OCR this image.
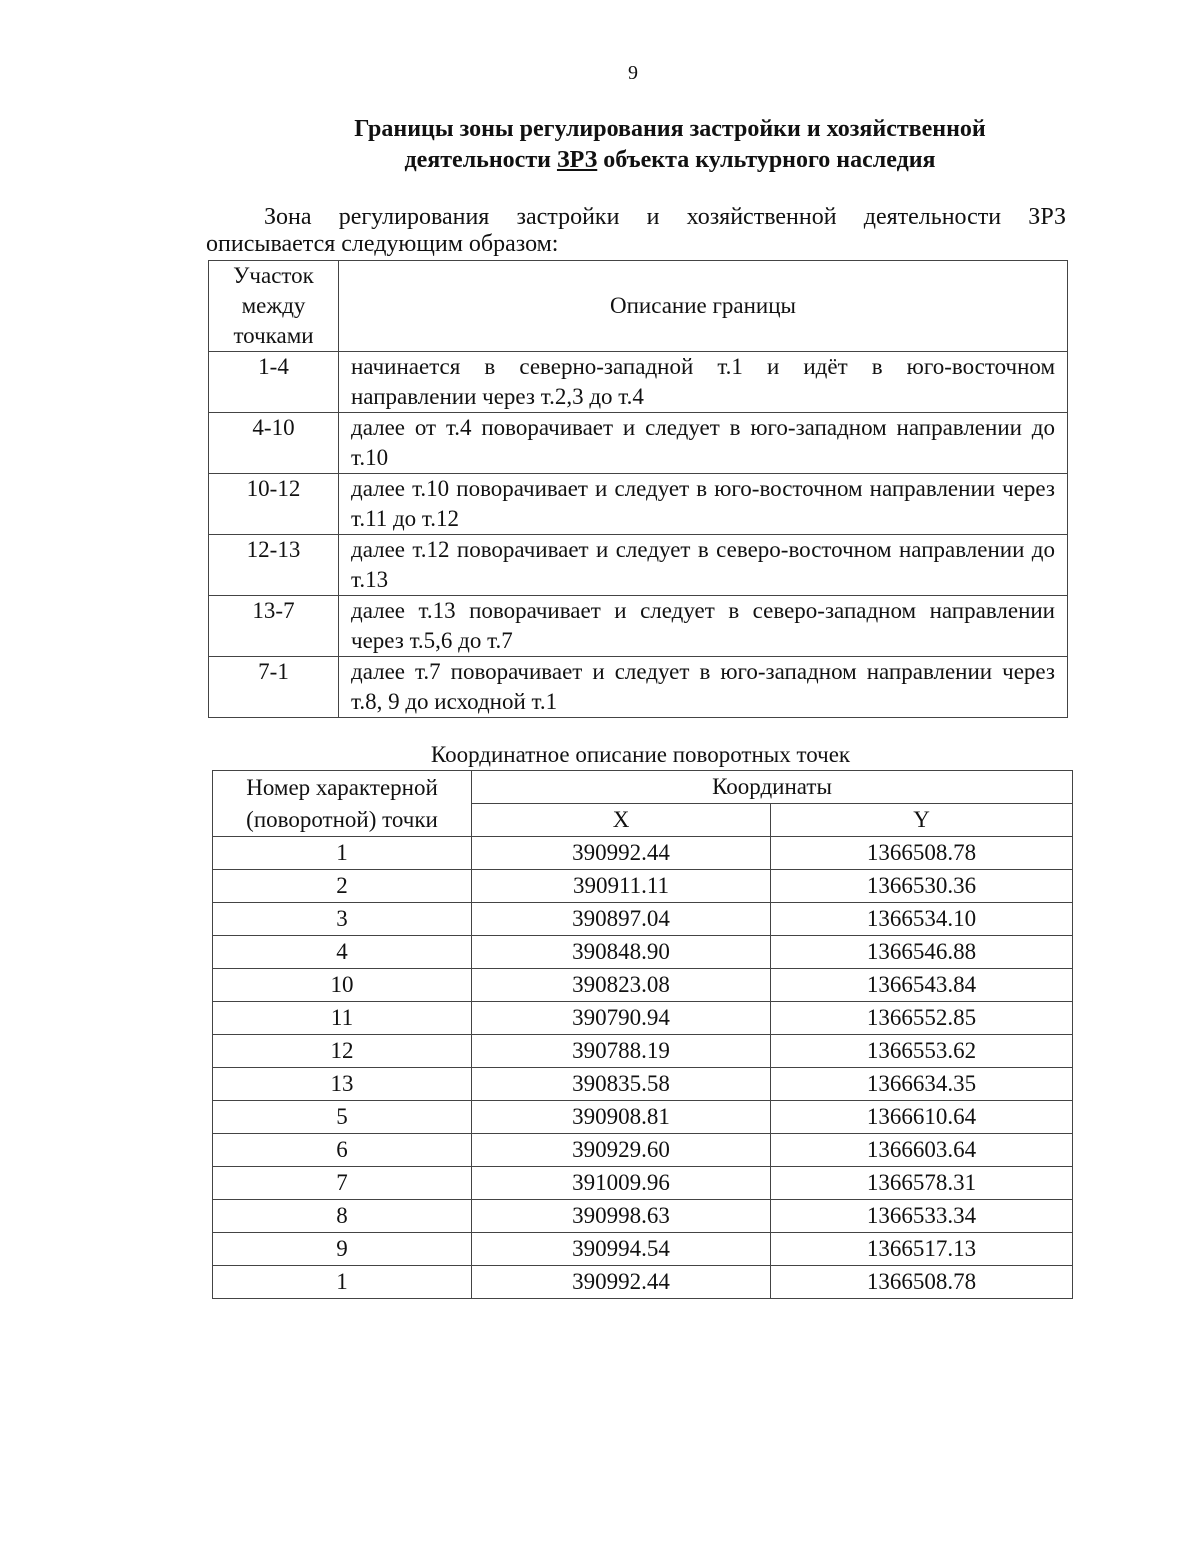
9
Границы зоны регулирования застройки и хозяйственной
деятельности ЗРЗ объекта культурного наследия
Зона регулирования застройки и хозяйственной деятельности ЗРЗ описывается следующим образом:
Участок
между
точками	Описание границы
1-4	начинается в северно-западной т.1 и идёт в юго-восточном направлении через т.2,3 до т.4
4-10	далее от т.4 поворачивает и следует в юго-западном направлении до т.10
10-12	далее т.10 поворачивает и следует в юго-восточном направлении через т.11 до т.12
12-13	далее т.12 поворачивает и следует в северо-восточном направлении до т.13
13-7	далее т.13 поворачивает и следует в северо-западном направлении через т.5,6 до т.7
7-1	далее т.7 поворачивает и следует в юго-западном направлении через т.8, 9 до исходной т.1
Координатное описание поворотных точек
Номер характерной
(поворотной) точки	Координаты	
	X	Y
1	390992.44	1366508.78
2	390911.11	1366530.36
3	390897.04	1366534.10
4	390848.90	1366546.88
10	390823.08	1366543.84
11	390790.94	1366552.85
12	390788.19	1366553.62
13	390835.58	1366634.35
5	390908.81	1366610.64
6	390929.60	1366603.64
7	391009.96	1366578.31
8	390998.63	1366533.34
9	390994.54	1366517.13
1	390992.44	1366508.78
